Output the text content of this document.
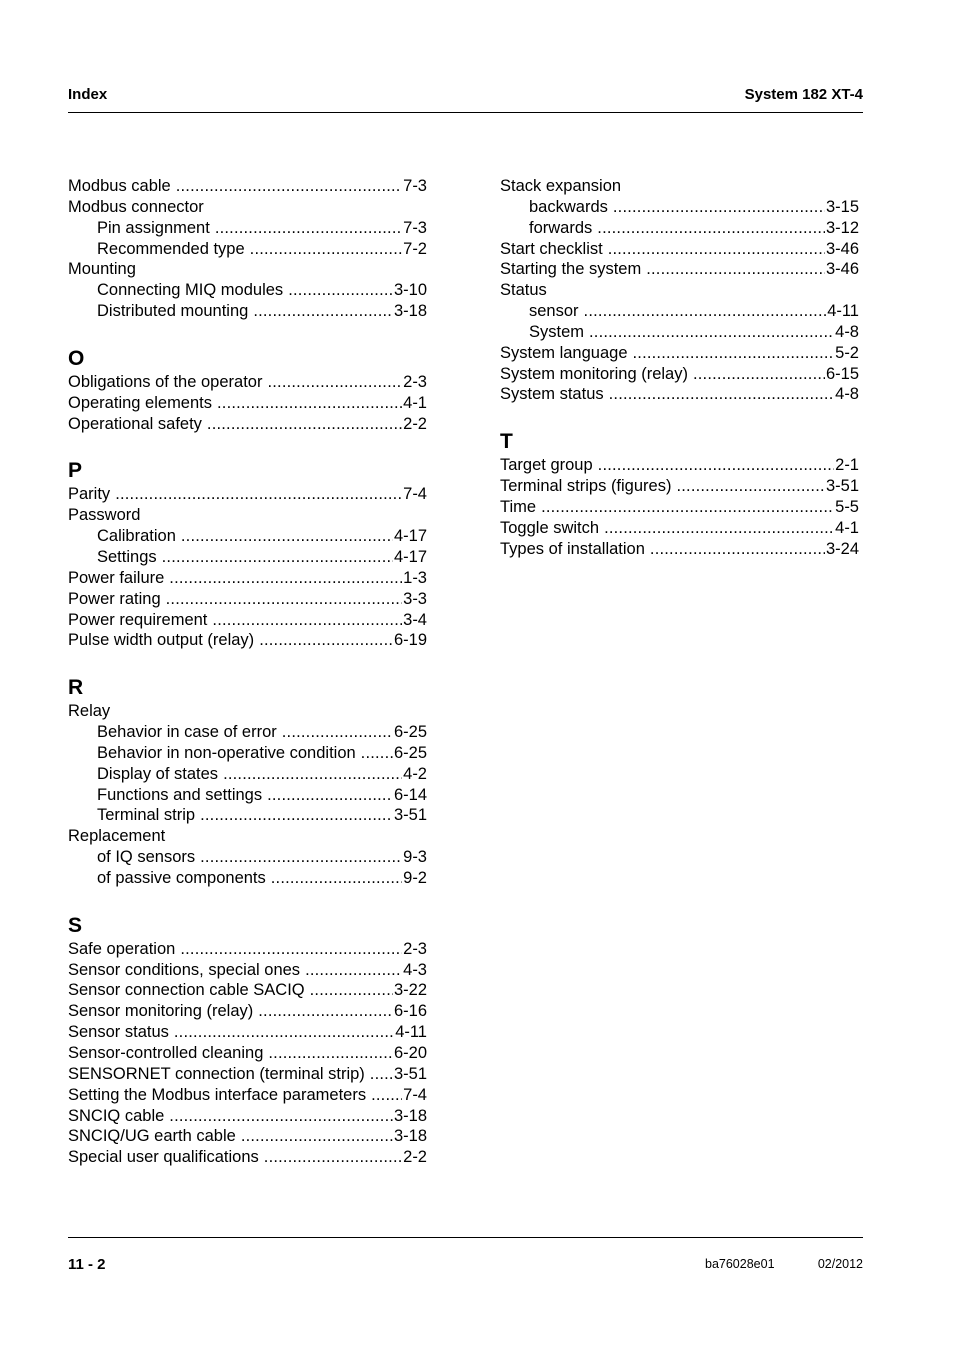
Index	System 182 XT-4
Modbus cable .....	7-3
Modbus connector
Pin assignment .....	7-3
Recommended type .....	7-2
Mounting
Connecting MIQ modules .....	3-10
Distributed mounting .....	3-18
O
Obligations of the operator .....	2-3
Operating elements .....	4-1
Operational safety .....	2-2
P
Parity .....	7-4
Password
Calibration .....	4-17
Settings .....	4-17
Power failure .....	1-3
Power rating .....	3-3
Power requirement .....	3-4
Pulse width output (relay) .....	6-19
R
Relay
Behavior in case of error .....	6-25
Behavior in non-operative condition ..... 6-25
Display of states .....	4-2
Functions and settings .....	6-14
Terminal strip .....	3-51
Replacement
of IQ sensors .....	9-3
of passive components .....	9-2
S
Safe operation .....	2-3
Sensor conditions, special ones .....	4-3
Sensor connection cable SACIQ .....	3-22
Sensor monitoring (relay) .....	6-16
Sensor status .....	4-11
Sensor-controlled cleaning .....	6-20
SENSORNET connection (terminal strip) ..... 3-51
Setting the Modbus interface parameters ..... 7-4
SNCIQ cable .....	3-18
SNCIQ/UG earth cable .....	3-18
Special user qualifications .....	2-2
Stack expansion
backwards .....	3-15
forwards .....	3-12
Start checklist .....	3-46
Starting the system .....	3-46
Status
sensor .....	4-11
System .....	4-8
System language .....	5-2
System monitoring (relay) .....	6-15
System status .....	4-8
T
Target group .....	2-1
Terminal strips (figures) .....	3-51
Time .....	5-5
Toggle switch .....	4-1
Types of installation .....	3-24
11 - 2	ba76028e01	02/2012
